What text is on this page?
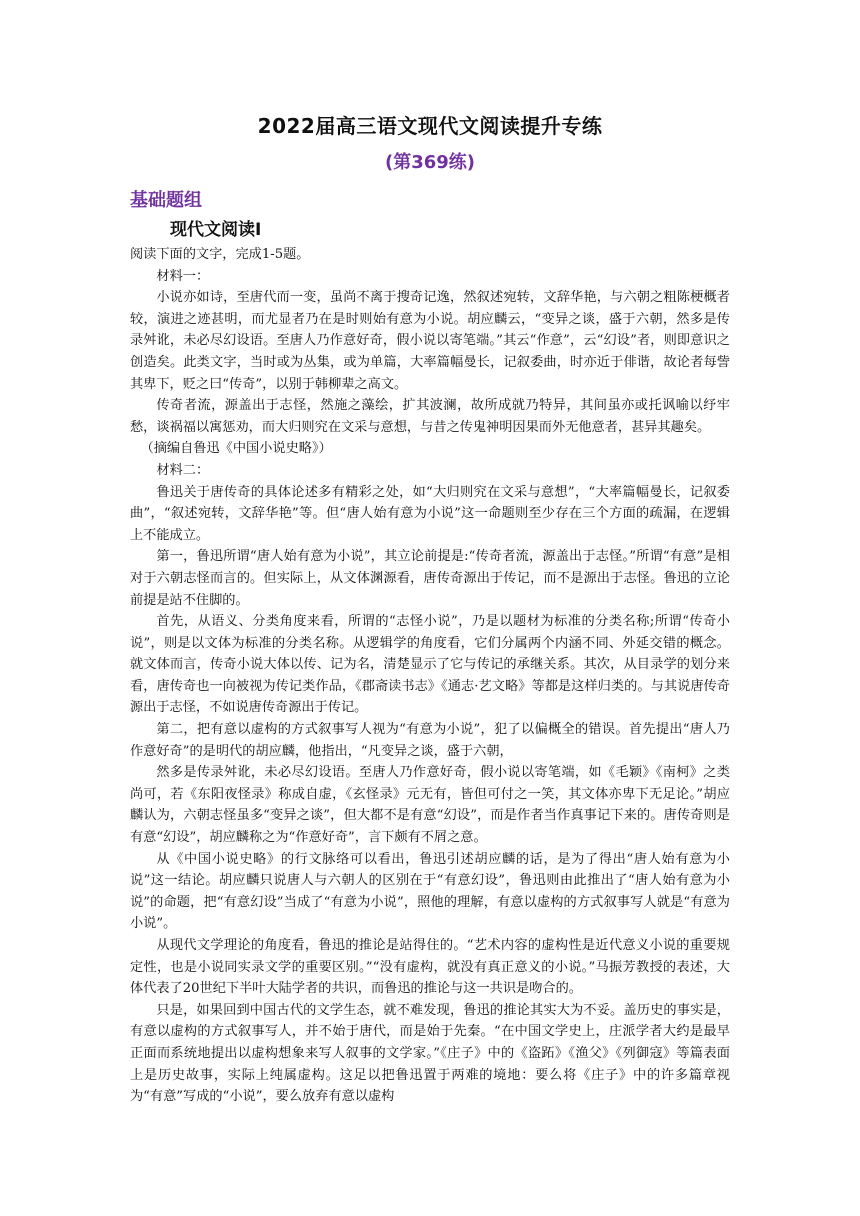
2022届高三语文现代文阅读提升专练
(第369练)
基础题组
现代文阅读Ⅰ

阅读下面的文字，完成1-5题。

材料一：

小说亦如诗，至唐代而一变，虽尚不离于搜奇记逸，然叙述宛转，文辞华艳，与六朝之粗陈梗概者较，演进之迹甚明，而尤显者乃在是时则始有意为小说。胡应麟云，“变异之谈，盛于六朝，然多是传录舛讹，未必尽幻设语。至唐人乃作意好奇，假小说以寄笔端。”其云“作意”，云“幻设”者，则即意识之创造矣。此类文字，当时或为丛集，或为单篇，大率篇幅曼长，记叙委曲，时亦近于俳谐，故论者每訾其卑下，贬之曰“传奇”，以别于韩柳辈之高文。

传奇者流，源盖出于志怪，然施之藻绘，扩其波澜，故所成就乃特异，其间虽亦或托讽喻以纾牢愁，谈祸福以寓惩劝，而大归则究在文采与意想，与昔之传鬼神明因果而外无他意者，甚异其趣矣。

（摘编自鲁迅《中国小说史略》）

材料二：

鲁迅关于唐传奇的具体论述多有精彩之处，如“大归则究在文采与意想”，“大率篇幅曼长，记叙委曲”，“叙述宛转，文辞华艳”等。但“唐人始有意为小说”这一命题则至少存在三个方面的疏漏，在逻辑上不能成立。

第一，鲁迅所谓“唐人始有意为小说”，其立论前提是:“传奇者流，源盖出于志怪。”所谓“有意”是相对于六朝志怪而言的。但实际上，从文体渊源看，唐传奇源出于传记，而不是源出于志怪。鲁迅的立论前提是站不住脚的。

首先，从语义、分类角度来看，所谓的“志怪小说”，乃是以题材为标准的分类名称;所谓“传奇小说”，则是以文体为标准的分类名称。从逻辑学的角度看，它们分属两个内涵不同、外延交错的概念。就文体而言，传奇小说大体以传、记为名，清楚显示了它与传记的承继关系。其次，从目录学的划分来看，唐传奇也一向被视为传记类作品，《郡斋读书志》《通志·艺文略》等都是这样归类的。与其说唐传奇源出于志怪，不如说唐传奇源出于传记。

第二，把有意以虚构的方式叙事写人视为“有意为小说”，犯了以偏概全的错误。首先提出“唐人乃作意好奇”的是明代的胡应麟，他指出，“凡变异之谈，盛于六朝，

然多是传录舛讹，未必尽幻设语。至唐人乃作意好奇，假小说以寄笔端，如《毛颖》《南柯》之类尚可，若《东阳夜怪录》称成自虚，《玄怪录》元无有，皆但可付之一笑，其文体亦卑下无足论。”胡应麟认为，六朝志怪虽多“变异之谈”，但大都不是有意“幻设”，而是作者当作真事记下来的。唐传奇则是有意“幻设”，胡应麟称之为“作意好奇”，言下颇有不屑之意。

从《中国小说史略》的行文脉络可以看出，鲁迅引述胡应麟的话，是为了得出“唐人始有意为小说”这一结论。胡应麟只说唐人与六朝人的区别在于“有意幻设”，鲁迅则由此推出了“唐人始有意为小说”的命题，把“有意幻设”当成了“有意为小说”，照他的理解，有意以虚构的方式叙事写人就是“有意为小说”。

从现代文学理论的角度看，鲁迅的推论是站得住的。“艺术内容的虚构性是近代意义小说的重要规定性，也是小说同实录文学的重要区别。”“没有虚构，就没有真正意义的小说。”马振芳教授的表述，大体代表了20世纪下半叶大陆学者的共识，而鲁迅的推论与这一共识是吻合的。

只是，如果回到中国古代的文学生态，就不难发现，鲁迅的推论其实大为不妥。盖历史的事实是，有意以虚构的方式叙事写人，并不始于唐代，而是始于先秦。“在中国文学史上，庄派学者大约是最早正面而系统地提出以虚构想象来写人叙事的文学家。”《庄子》中的《盗跖》《渔父》《列御寇》等篇表面上是历史故事，实际上纯属虚构。这足以把鲁迅置于两难的境地：要么将《庄子》中的许多篇章视为“有意”写成的“小说”，要么放弃有意以虚构
